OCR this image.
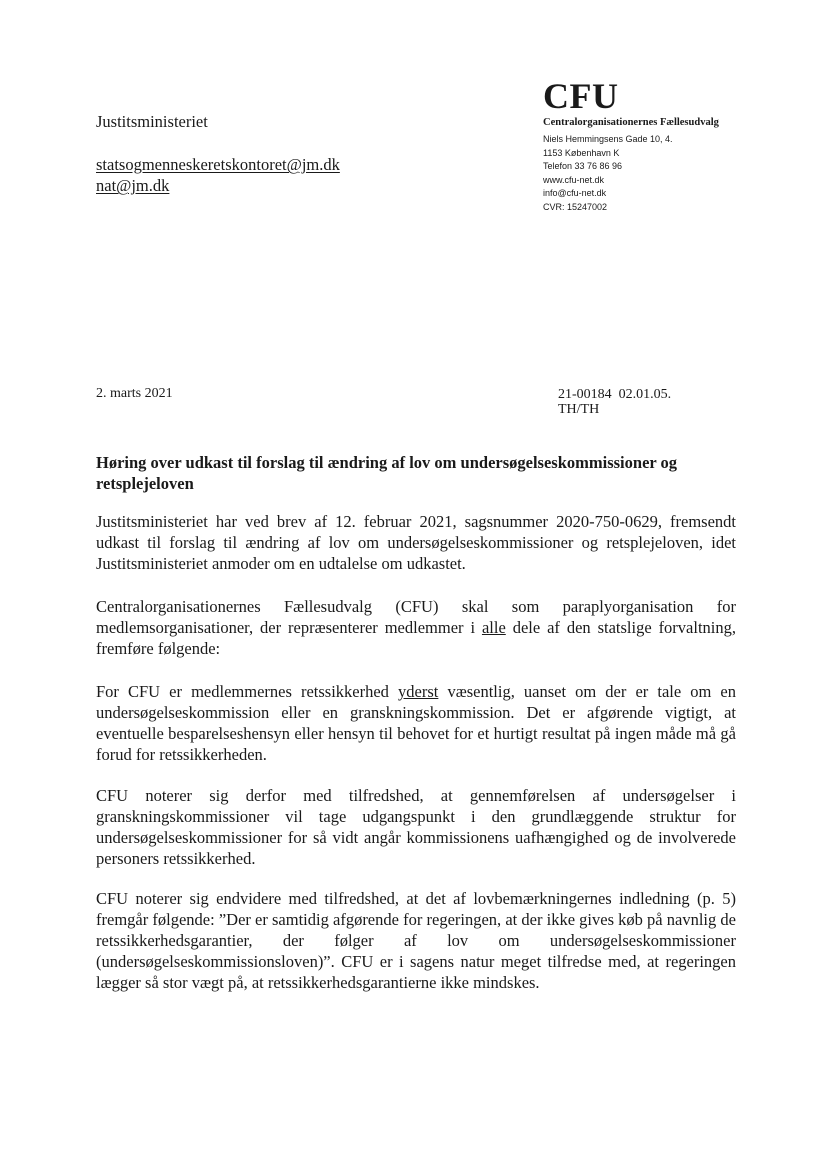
Justitsministeriet
statsogmenneskeretskontoret@jm.dk
nat@jm.dk
CFU
Centralorganisationernes Fællesudvalg
Niels Hemmingsens Gade 10, 4.
1153 København K
Telefon 33 76 86 96
www.cfu-net.dk
info@cfu-net.dk
CVR: 15247002
2. marts 2021	21-00184  02.01.05.
TH/TH
Høring over udkast til forslag til ændring af lov om undersøgelseskommissioner og retsplejeloven
Justitsministeriet har ved brev af 12. februar 2021, sagsnummer 2020-750-0629, fremsendt udkast til forslag til ændring af lov om undersøgelseskommissioner og retsplejeloven, idet Justitsministeriet anmoder om en udtalelse om udkastet.
Centralorganisationernes Fællesudvalg (CFU) skal som paraplyorganisation for medlemsorganisationer, der repræsenterer medlemmer i alle dele af den statslige forvaltning, fremføre følgende:
For CFU er medlemmernes retssikkerhed yderst væsentlig, uanset om der er tale om en undersøgelseskommission eller en granskningskommission. Det er afgørende vigtigt, at eventuelle besparelseshensyn eller hensyn til behovet for et hurtigt resultat på ingen måde må gå forud for retssikkerheden.
CFU noterer sig derfor med tilfredshed, at gennemførelsen af undersøgelser i granskningskommissioner vil tage udgangspunkt i den grundlæggende struktur for undersøgelseskommissioner for så vidt angår kommissionens uafhængighed og de involverede personers retssikkerhed.
CFU noterer sig endvidere med tilfredshed, at det af lovbemærkningernes indledning (p. 5) fremgår følgende: ”Der er samtidig afgørende for regeringen, at der ikke gives køb på navnlig de retssikkerhedsgarantier, der følger af lov om undersøgelseskommissioner (undersøgelseskommissionsloven)”. CFU er i sagens natur meget tilfredse med, at regeringen lægger så stor vægt på, at retssikkerhedsgarantierne ikke mindskes.
